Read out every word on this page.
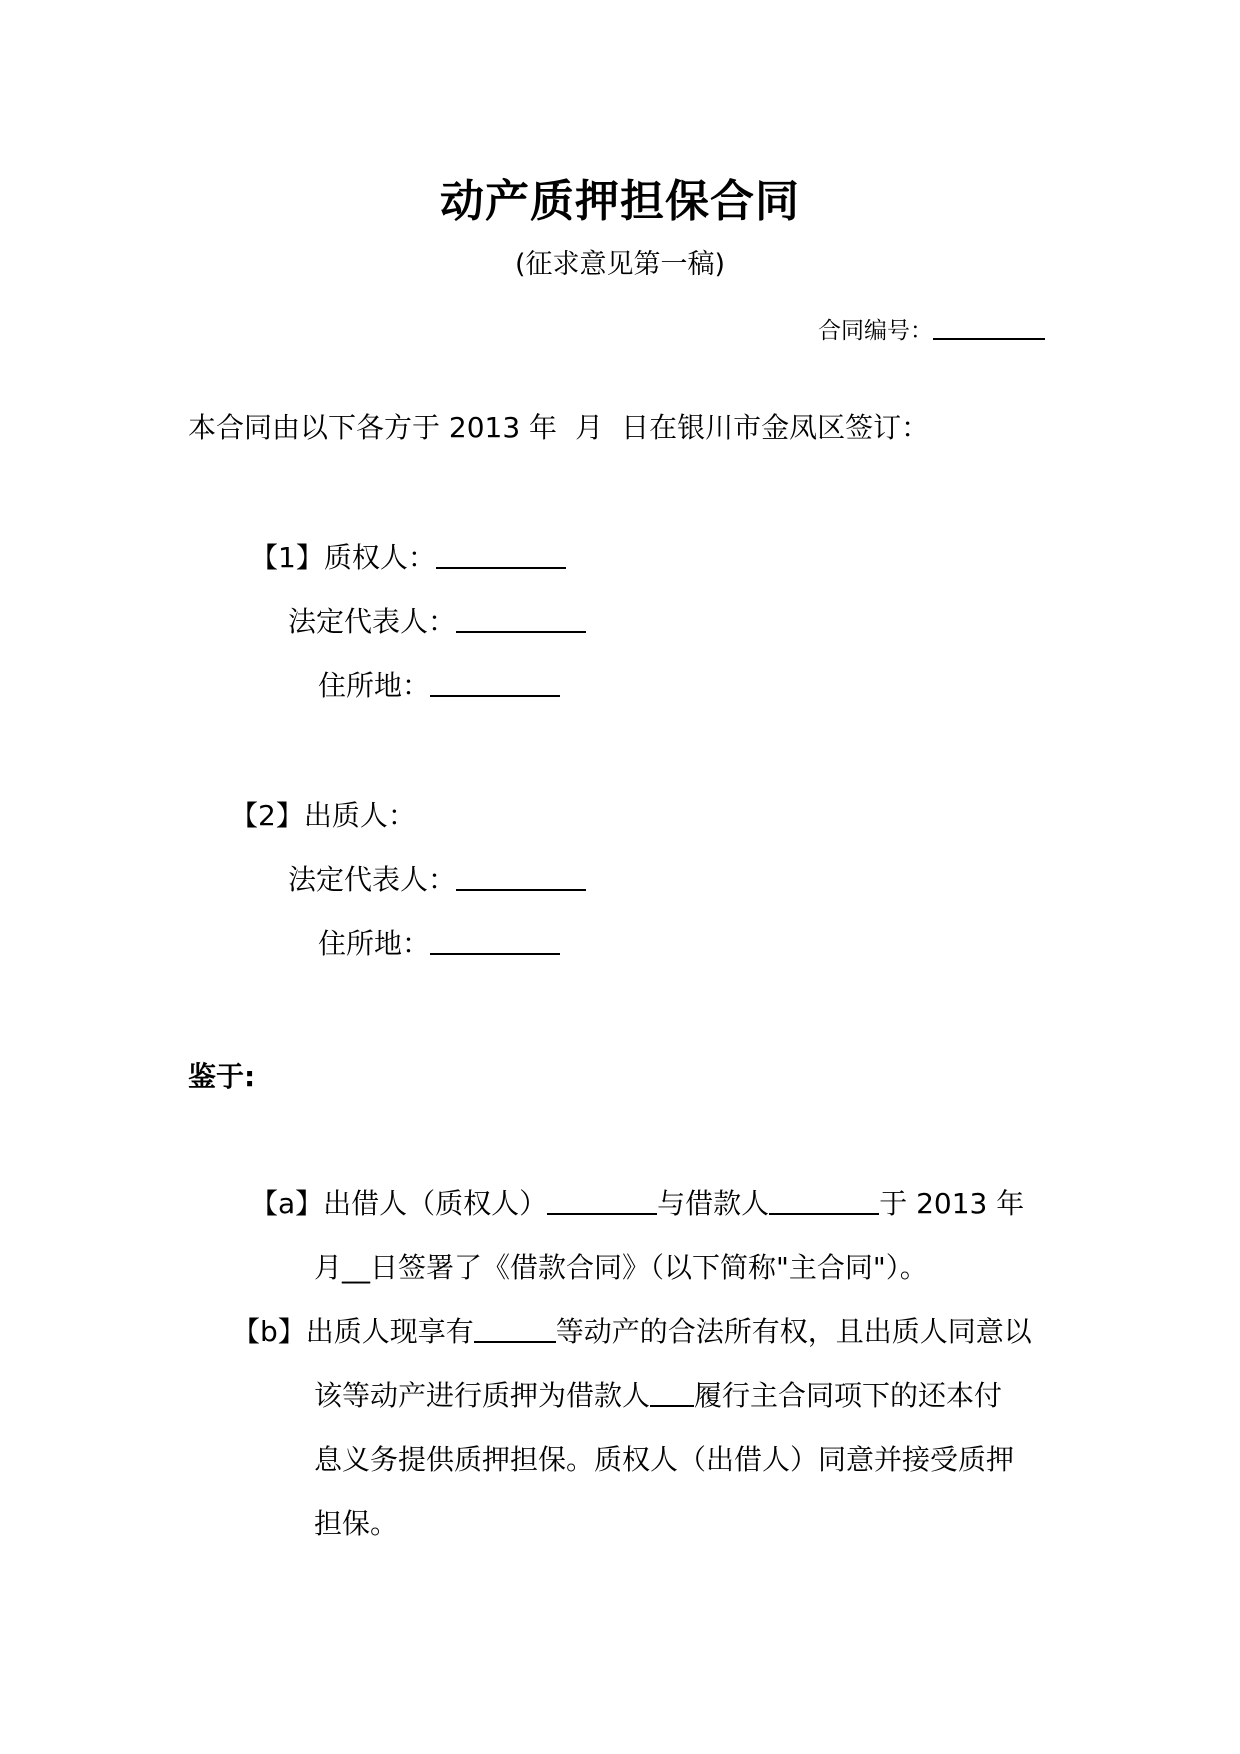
动产质押担保合同
(征求意见第一稿)
合同编号：
本合同由以下各方于 2013 年 月 日在银川市金凤区签订：
【1】质权人：
法定代表人：
住所地：
【2】出质人：
法定代表人：
住所地：
鉴于:
【a】出借人（质权人）	与借款人	于 2013 年
月__日签署了《借款合同》（以下简称"主合同"）。
【b】出质人现享有	等动产的合法所有权，且出质人同意以
该等动产进行质押为借款人 履行主合同项下的还本付
息义务提供质押担保。质权人（出借人）同意并接受质押
担保。
